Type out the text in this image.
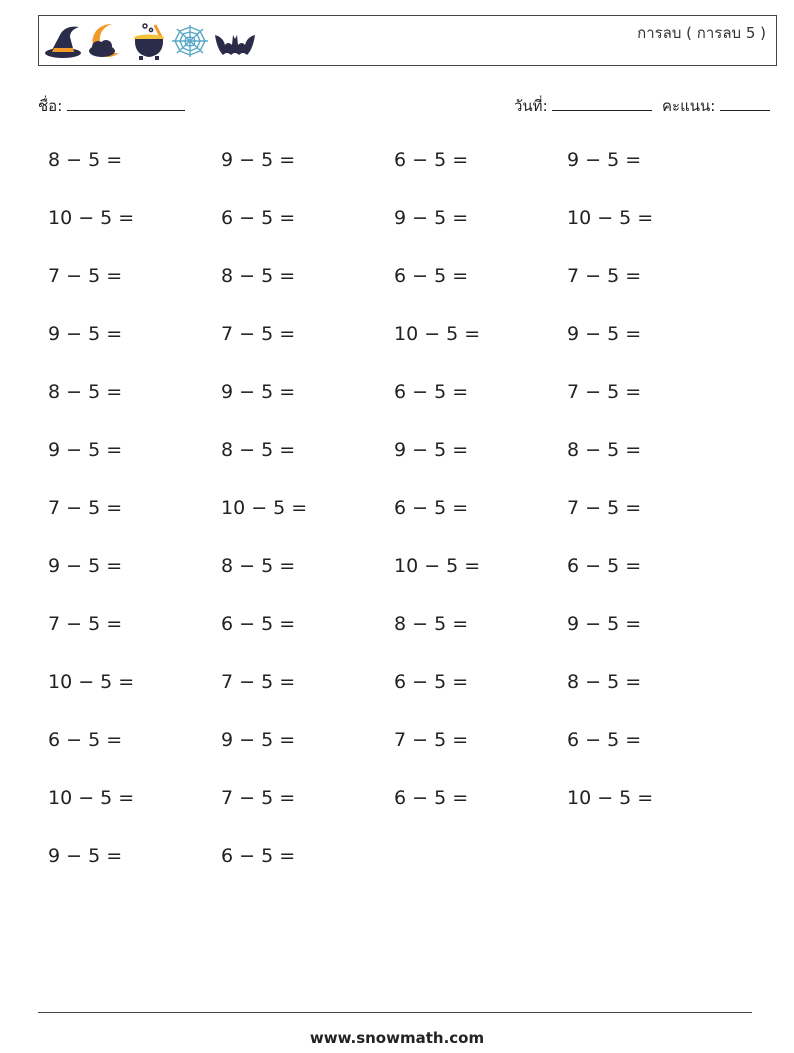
การลบ ( การลบ 5 )
ชื่อ:	วันที่:	คะแนน:
8 − 5 =	9 − 5 =	6 − 5 =	9 − 5 =
10 − 5 =	6 − 5 =	9 − 5 =	10 − 5 =
7 − 5 =	8 − 5 =	6 − 5 =	7 − 5 =
9 − 5 =	7 − 5 =	10 − 5 =	9 − 5 =
8 − 5 =	9 − 5 =	6 − 5 =	7 − 5 =
9 − 5 =	8 − 5 =	9 − 5 =	8 − 5 =
7 − 5 =	10 − 5 =	6 − 5 =	7 − 5 =
9 − 5 =	8 − 5 =	10 − 5 =	6 − 5 =
7 − 5 =	6 − 5 =	8 − 5 =	9 − 5 =
10 − 5 =	7 − 5 =	6 − 5 =	8 − 5 =
6 − 5 =	9 − 5 =	7 − 5 =	6 − 5 =
10 − 5 =	7 − 5 =	6 − 5 =	10 − 5 =
9 − 5 =	6 − 5 =
www.snowmath.com
